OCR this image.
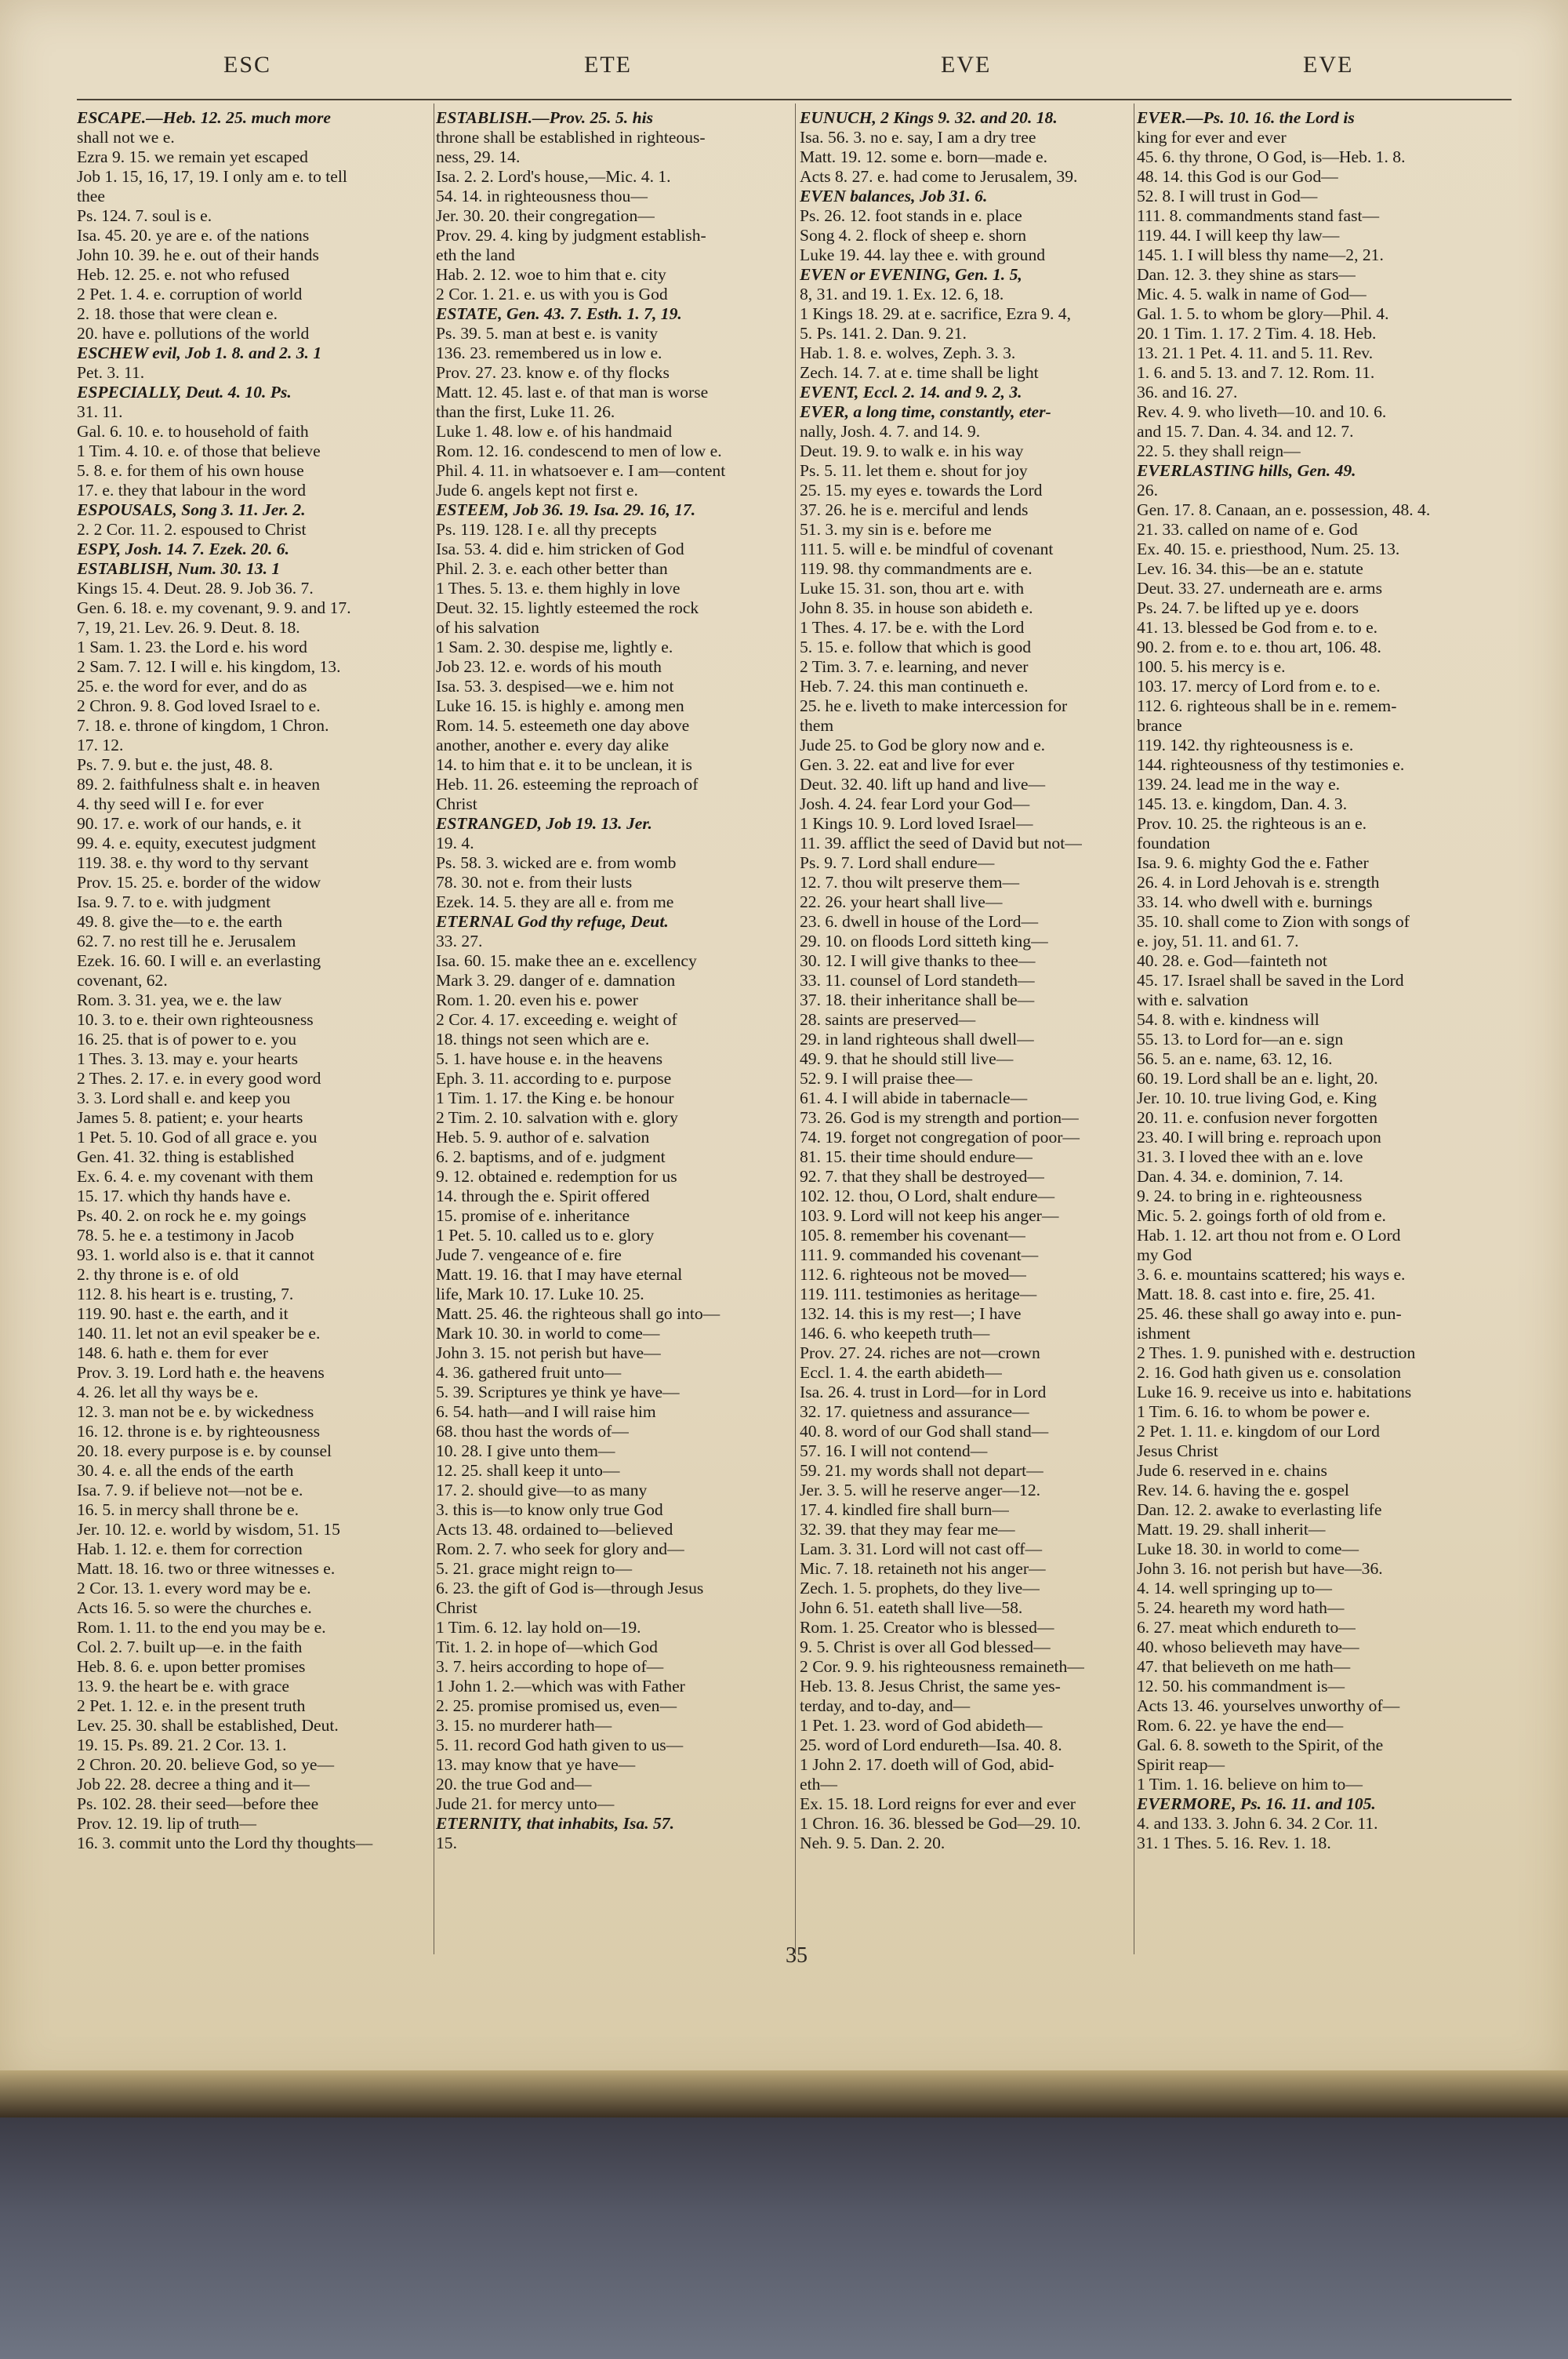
ESC	ETE	EVE	EVE
ESCAPE.—Heb. 12. 25. much more
shall not we e.
Ezra 9. 15. we remain yet escaped
Job 1. 15, 16, 17, 19. I only am e. to tell
thee
Ps. 124. 7. soul is e.
Isa. 45. 20. ye are e. of the nations
John 10. 39. he e. out of their hands
Heb. 12. 25. e. not who refused
2 Pet. 1. 4. e. corruption of world
2. 18. those that were clean e.
20. have e. pollutions of the world
ESCHEW evil, Job 1. 8. and 2. 3. 1
Pet. 3. 11.
ESPECIALLY, Deut. 4. 10. Ps.
31. 11.
Gal. 6. 10. e. to household of faith
1 Tim. 4. 10. e. of those that believe
5. 8. e. for them of his own house
17. e. they that labour in the word
ESPOUSALS, Song 3. 11. Jer. 2.
2. 2 Cor. 11. 2. espoused to Christ
ESPY, Josh. 14. 7. Ezek. 20. 6.
ESTABLISH, Num. 30. 13. 1
Kings 15. 4. Deut. 28. 9. Job 36. 7.
Gen. 6. 18. e. my covenant, 9. 9. and 17.
7, 19, 21. Lev. 26. 9. Deut. 8. 18.
1 Sam. 1. 23. the Lord e. his word
2 Sam. 7. 12. I will e. his kingdom, 13.
25. e. the word for ever, and do as
2 Chron. 9. 8. God loved Israel to e.
7. 18. e. throne of kingdom, 1 Chron.
17. 12.
Ps. 7. 9. but e. the just, 48. 8.
89. 2. faithfulness shalt e. in heaven
4. thy seed will I e. for ever
90. 17. e. work of our hands, e. it
99. 4. e. equity, executest judgment
119. 38. e. thy word to thy servant
Prov. 15. 25. e. border of the widow
Isa. 9. 7. to e. with judgment
49. 8. give the—to e. the earth
62. 7. no rest till he e. Jerusalem
Ezek. 16. 60. I will e. an everlasting
covenant, 62.
Rom. 3. 31. yea, we e. the law
10. 3. to e. their own righteousness
16. 25. that is of power to e. you
1 Thes. 3. 13. may e. your hearts
2 Thes. 2. 17. e. in every good word
3. 3. Lord shall e. and keep you
James 5. 8. patient; e. your hearts
1 Pet. 5. 10. God of all grace e. you
Gen. 41. 32. thing is established
Ex. 6. 4. e. my covenant with them
15. 17. which thy hands have e.
Ps. 40. 2. on rock he e. my goings
78. 5. he e. a testimony in Jacob
93. 1. world also is e. that it cannot
2. thy throne is e. of old
112. 8. his heart is e. trusting, 7.
119. 90. hast e. the earth, and it
140. 11. let not an evil speaker be e.
148. 6. hath e. them for ever
Prov. 3. 19. Lord hath e. the heavens
4. 26. let all thy ways be e.
12. 3. man not be e. by wickedness
16. 12. throne is e. by righteousness
20. 18. every purpose is e. by counsel
30. 4. e. all the ends of the earth
Isa. 7. 9. if believe not—not be e.
16. 5. in mercy shall throne be e.
Jer. 10. 12. e. world by wisdom, 51. 15
Hab. 1. 12. e. them for correction
Matt. 18. 16. two or three witnesses e.
2 Cor. 13. 1. every word may be e.
Acts 16. 5. so were the churches e.
Rom. 1. 11. to the end you may be e.
Col. 2. 7. built up—e. in the faith
Heb. 8. 6. e. upon better promises
13. 9. the heart be e. with grace
2 Pet. 1. 12. e. in the present truth
Lev. 25. 30. shall be established, Deut.
19. 15. Ps. 89. 21. 2 Cor. 13. 1.
2 Chron. 20. 20. believe God, so ye—
Job 22. 28. decree a thing and it—
Ps. 102. 28. their seed—before thee
Prov. 12. 19. lip of truth—
16. 3. commit unto the Lord thy thoughts—
ESTABLISH.—Prov. 25. 5. his
throne shall be established in righteous-
ness, 29. 14.
Isa. 2. 2. Lord's house,—Mic. 4. 1.
54. 14. in righteousness thou—
Jer. 30. 20. their congregation—
Prov. 29. 4. king by judgment establish-
eth the land
Hab. 2. 12. woe to him that e. city
2 Cor. 1. 21. e. us with you is God
ESTATE, Gen. 43. 7. Esth. 1. 7, 19.
Ps. 39. 5. man at best e. is vanity
136. 23. remembered us in low e.
Prov. 27. 23. know e. of thy flocks
Matt. 12. 45. last e. of that man is worse
than the first, Luke 11. 26.
Luke 1. 48. low e. of his handmaid
Rom. 12. 16. condescend to men of low e.
Phil. 4. 11. in whatsoever e. I am—content
Jude 6. angels kept not first e.
ESTEEM, Job 36. 19. Isa. 29. 16, 17.
Ps. 119. 128. I e. all thy precepts
Isa. 53. 4. did e. him stricken of God
Phil. 2. 3. e. each other better than
1 Thes. 5. 13. e. them highly in love
Deut. 32. 15. lightly esteemed the rock
of his salvation
1 Sam. 2. 30. despise me, lightly e.
Job 23. 12. e. words of his mouth
Isa. 53. 3. despised—we e. him not
Luke 16. 15. is highly e. among men
Rom. 14. 5. esteemeth one day above
another, another e. every day alike
14. to him that e. it to be unclean, it is
Heb. 11. 26. esteeming the reproach of
Christ
ESTRANGED, Job 19. 13. Jer.
19. 4.
Ps. 58. 3. wicked are e. from womb
78. 30. not e. from their lusts
Ezek. 14. 5. they are all e. from me
ETERNAL God thy refuge, Deut.
33. 27.
Isa. 60. 15. make thee an e. excellency
Mark 3. 29. danger of e. damnation
Rom. 1. 20. even his e. power
2 Cor. 4. 17. exceeding e. weight of
18. things not seen which are e.
5. 1. have house e. in the heavens
Eph. 3. 11. according to e. purpose
1 Tim. 1. 17. the King e. be honour
2 Tim. 2. 10. salvation with e. glory
Heb. 5. 9. author of e. salvation
6. 2. baptisms, and of e. judgment
9. 12. obtained e. redemption for us
14. through the e. Spirit offered
15. promise of e. inheritance
1 Pet. 5. 10. called us to e. glory
Jude 7. vengeance of e. fire
Matt. 19. 16. that I may have eternal
life, Mark 10. 17. Luke 10. 25.
Matt. 25. 46. the righteous shall go into—
Mark 10. 30. in world to come—
John 3. 15. not perish but have—
4. 36. gathered fruit unto—
5. 39. Scriptures ye think ye have—
6. 54. hath—and I will raise him
68. thou hast the words of—
10. 28. I give unto them—
12. 25. shall keep it unto—
17. 2. should give—to as many
3. this is—to know only true God
Acts 13. 48. ordained to—believed
Rom. 2. 7. who seek for glory and—
5. 21. grace might reign to—
6. 23. the gift of God is—through Jesus
Christ
1 Tim. 6. 12. lay hold on—19.
Tit. 1. 2. in hope of—which God
3. 7. heirs according to hope of—
1 John 1. 2.—which was with Father
2. 25. promise promised us, even—
3. 15. no murderer hath—
5. 11. record God hath given to us—
13. may know that ye have—
20. the true God and—
Jude 21. for mercy unto—
ETERNITY, that inhabits, Isa. 57.
15.
EUNUCH, 2 Kings 9. 32. and 20. 18.
Isa. 56. 3. no e. say, I am a dry tree
Matt. 19. 12. some e. born—made e.
Acts 8. 27. e. had come to Jerusalem, 39.
EVEN balances, Job 31. 6.
Ps. 26. 12. foot stands in e. place
Song 4. 2. flock of sheep e. shorn
Luke 19. 44. lay thee e. with ground
EVEN or EVENING, Gen. 1. 5,
8, 31. and 19. 1. Ex. 12. 6, 18.
1 Kings 18. 29. at e. sacrifice, Ezra 9. 4,
5. Ps. 141. 2. Dan. 9. 21.
Hab. 1. 8. e. wolves, Zeph. 3. 3.
Zech. 14. 7. at e. time shall be light
EVENT, Eccl. 2. 14. and 9. 2, 3.
EVER, a long time, constantly, eter-
nally, Josh. 4. 7. and 14. 9.
Deut. 19. 9. to walk e. in his way
Ps. 5. 11. let them e. shout for joy
25. 15. my eyes e. towards the Lord
37. 26. he is e. merciful and lends
51. 3. my sin is e. before me
111. 5. will e. be mindful of covenant
119. 98. thy commandments are e.
Luke 15. 31. son, thou art e. with
John 8. 35. in house son abideth e.
1 Thes. 4. 17. be e. with the Lord
5. 15. e. follow that which is good
2 Tim. 3. 7. e. learning, and never
Heb. 7. 24. this man continueth e.
25. he e. liveth to make intercession for
them
Jude 25. to God be glory now and e.
Gen. 3. 22. eat and live for ever
Deut. 32. 40. lift up hand and live—
Josh. 4. 24. fear Lord your God—
1 Kings 10. 9. Lord loved Israel—
11. 39. afflict the seed of David but not—
Ps. 9. 7. Lord shall endure—
12. 7. thou wilt preserve them—
22. 26. your heart shall live—
23. 6. dwell in house of the Lord—
29. 10. on floods Lord sitteth king—
30. 12. I will give thanks to thee—
33. 11. counsel of Lord standeth—
37. 18. their inheritance shall be—
28. saints are preserved—
29. in land righteous shall dwell—
49. 9. that he should still live—
52. 9. I will praise thee—
61. 4. I will abide in tabernacle—
73. 26. God is my strength and portion—
74. 19. forget not congregation of poor—
81. 15. their time should endure—
92. 7. that they shall be destroyed—
102. 12. thou, O Lord, shalt endure—
103. 9. Lord will not keep his anger—
105. 8. remember his covenant—
111. 9. commanded his covenant—
112. 6. righteous not be moved—
119. 111. testimonies as heritage—
132. 14. this is my rest—; I have
146. 6. who keepeth truth—
Prov. 27. 24. riches are not—crown
Eccl. 1. 4. the earth abideth—
Isa. 26. 4. trust in Lord—for in Lord
32. 17. quietness and assurance—
40. 8. word of our God shall stand—
57. 16. I will not contend—
59. 21. my words shall not depart—
Jer. 3. 5. will he reserve anger—12.
17. 4. kindled fire shall burn—
32. 39. that they may fear me—
Lam. 3. 31. Lord will not cast off—
Mic. 7. 18. retaineth not his anger—
Zech. 1. 5. prophets, do they live—
John 6. 51. eateth shall live—58.
Rom. 1. 25. Creator who is blessed—
9. 5. Christ is over all God blessed—
2 Cor. 9. 9. his righteousness remaineth—
Heb. 13. 8. Jesus Christ, the same yes-
terday, and to-day, and—
1 Pet. 1. 23. word of God abideth—
25. word of Lord endureth—Isa. 40. 8.
1 John 2. 17. doeth will of God, abid-
eth—
Ex. 15. 18. Lord reigns for ever and ever
1 Chron. 16. 36. blessed be God—29. 10.
Neh. 9. 5. Dan. 2. 20.
EVER.—Ps. 10. 16. the Lord is
king for ever and ever
45. 6. thy throne, O God, is—Heb. 1. 8.
48. 14. this God is our God—
52. 8. I will trust in God—
111. 8. commandments stand fast—
119. 44. I will keep thy law—
145. 1. I will bless thy name—2, 21.
Dan. 12. 3. they shine as stars—
Mic. 4. 5. walk in name of God—
Gal. 1. 5. to whom be glory—Phil. 4.
20. 1 Tim. 1. 17. 2 Tim. 4. 18. Heb.
13. 21. 1 Pet. 4. 11. and 5. 11. Rev.
1. 6. and 5. 13. and 7. 12. Rom. 11.
36. and 16. 27.
Rev. 4. 9. who liveth—10. and 10. 6.
and 15. 7. Dan. 4. 34. and 12. 7.
22. 5. they shall reign—
EVERLASTING hills, Gen. 49.
26.
Gen. 17. 8. Canaan, an e. possession, 48. 4.
21. 33. called on name of e. God
Ex. 40. 15. e. priesthood, Num. 25. 13.
Lev. 16. 34. this—be an e. statute
Deut. 33. 27. underneath are e. arms
Ps. 24. 7. be lifted up ye e. doors
41. 13. blessed be God from e. to e.
90. 2. from e. to e. thou art, 106. 48.
100. 5. his mercy is e.
103. 17. mercy of Lord from e. to e.
112. 6. righteous shall be in e. remem-
brance
119. 142. thy righteousness is e.
144. righteousness of thy testimonies e.
139. 24. lead me in the way e.
145. 13. e. kingdom, Dan. 4. 3.
Prov. 10. 25. the righteous is an e.
foundation
Isa. 9. 6. mighty God the e. Father
26. 4. in Lord Jehovah is e. strength
33. 14. who dwell with e. burnings
35. 10. shall come to Zion with songs of
e. joy, 51. 11. and 61. 7.
40. 28. e. God—fainteth not
45. 17. Israel shall be saved in the Lord
with e. salvation
54. 8. with e. kindness will
55. 13. to Lord for—an e. sign
56. 5. an e. name, 63. 12, 16.
60. 19. Lord shall be an e. light, 20.
Jer. 10. 10. true living God, e. King
20. 11. e. confusion never forgotten
23. 40. I will bring e. reproach upon
31. 3. I loved thee with an e. love
Dan. 4. 34. e. dominion, 7. 14.
9. 24. to bring in e. righteousness
Mic. 5. 2. goings forth of old from e.
Hab. 1. 12. art thou not from e. O Lord
my God
3. 6. e. mountains scattered; his ways e.
Matt. 18. 8. cast into e. fire, 25. 41.
25. 46. these shall go away into e. pun-
ishment
2 Thes. 1. 9. punished with e. destruction
2. 16. God hath given us e. consolation
Luke 16. 9. receive us into e. habitations
1 Tim. 6. 16. to whom be power e.
2 Pet. 1. 11. e. kingdom of our Lord
Jesus Christ
Jude 6. reserved in e. chains
Rev. 14. 6. having the e. gospel
Dan. 12. 2. awake to everlasting life
Matt. 19. 29. shall inherit—
Luke 18. 30. in world to come—
John 3. 16. not perish but have—36.
4. 14. well springing up to—
5. 24. heareth my word hath—
6. 27. meat which endureth to—
40. whoso believeth may have—
47. that believeth on me hath—
12. 50. his commandment is—
Acts 13. 46. yourselves unworthy of—
Rom. 6. 22. ye have the end—
Gal. 6. 8. soweth to the Spirit, of the
Spirit reap—
1 Tim. 1. 16. believe on him to—
EVERMORE, Ps. 16. 11. and 105.
4. and 133. 3. John 6. 34. 2 Cor. 11.
31. 1 Thes. 5. 16. Rev. 1. 18.
35
